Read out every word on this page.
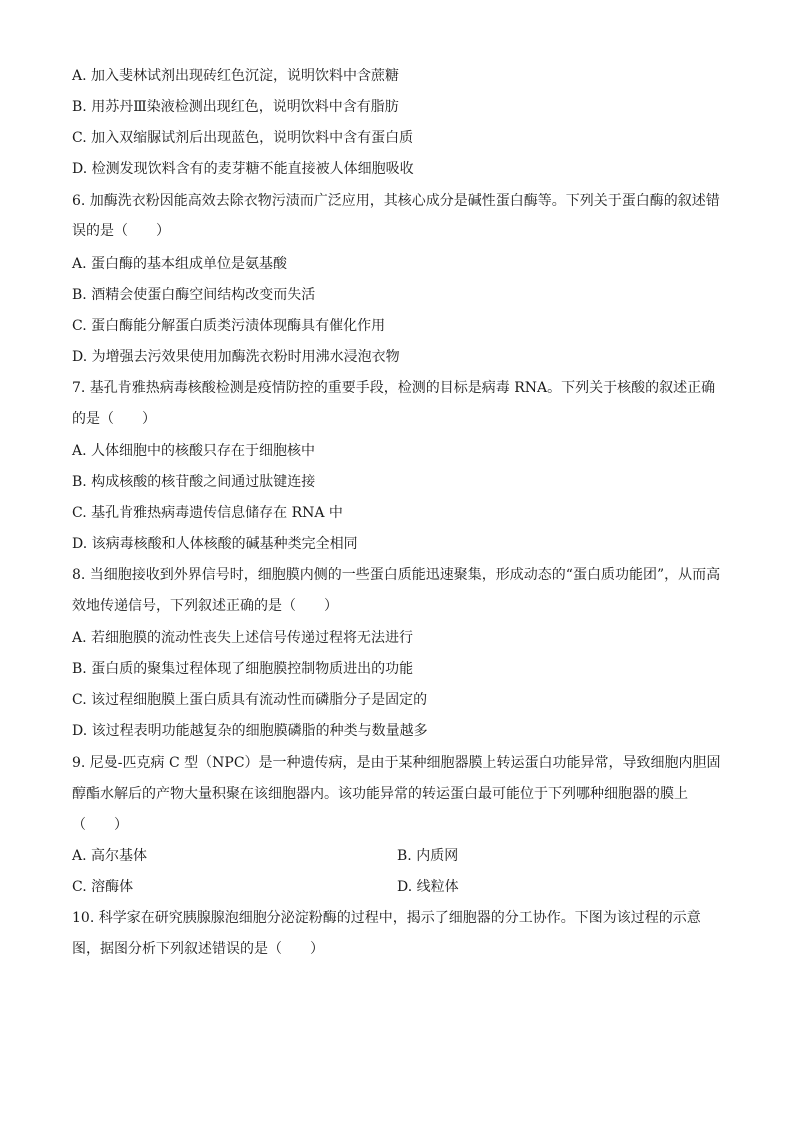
A. 加入斐林试剂出现砖红色沉淀，说明饮料中含蔗糖
B. 用苏丹Ⅲ染液检测出现红色，说明饮料中含有脂肪
C. 加入双缩脲试剂后出现蓝色，说明饮料中含有蛋白质
D. 检测发现饮料含有的麦芽糖不能直接被人体细胞吸收
6. 加酶洗衣粉因能高效去除衣物污渍而广泛应用，其核心成分是碱性蛋白酶等。下列关于蛋白酶的叙述错
误的是（　　）
A. 蛋白酶的基本组成单位是氨基酸
B. 酒精会使蛋白酶空间结构改变而失活
C. 蛋白酶能分解蛋白质类污渍体现酶具有催化作用
D. 为增强去污效果使用加酶洗衣粉时用沸水浸泡衣物
7. 基孔肯雅热病毒核酸检测是疫情防控的重要手段，检测的目标是病毒 RNA。下列关于核酸的叙述正确
的是（　　）
A. 人体细胞中的核酸只存在于细胞核中
B. 构成核酸的核苷酸之间通过肽键连接
C. 基孔肯雅热病毒遗传信息储存在 RNA 中
D. 该病毒核酸和人体核酸的碱基种类完全相同
8. 当细胞接收到外界信号时，细胞膜内侧的一些蛋白质能迅速聚集，形成动态的“蛋白质功能团”，从而高
效地传递信号，下列叙述正确的是（　　）
A. 若细胞膜的流动性丧失上述信号传递过程将无法进行
B. 蛋白质的聚集过程体现了细胞膜控制物质进出的功能
C. 该过程细胞膜上蛋白质具有流动性而磷脂分子是固定的
D. 该过程表明功能越复杂的细胞膜磷脂的种类与数量越多
9. 尼曼-匹克病 C 型（NPC）是一种遗传病，是由于某种细胞器膜上转运蛋白功能异常，导致细胞内胆固
醇酯水解后的产物大量积聚在该细胞器内。该功能异常的转运蛋白最可能位于下列哪种细胞器的膜上
（　　）
A. 高尔基体	B. 内质网
C. 溶酶体	D. 线粒体
10. 科学家在研究胰腺腺泡细胞分泌淀粉酶的过程中，揭示了细胞器的分工协作。下图为该过程的示意
图，据图分析下列叙述错误的是（　　）
